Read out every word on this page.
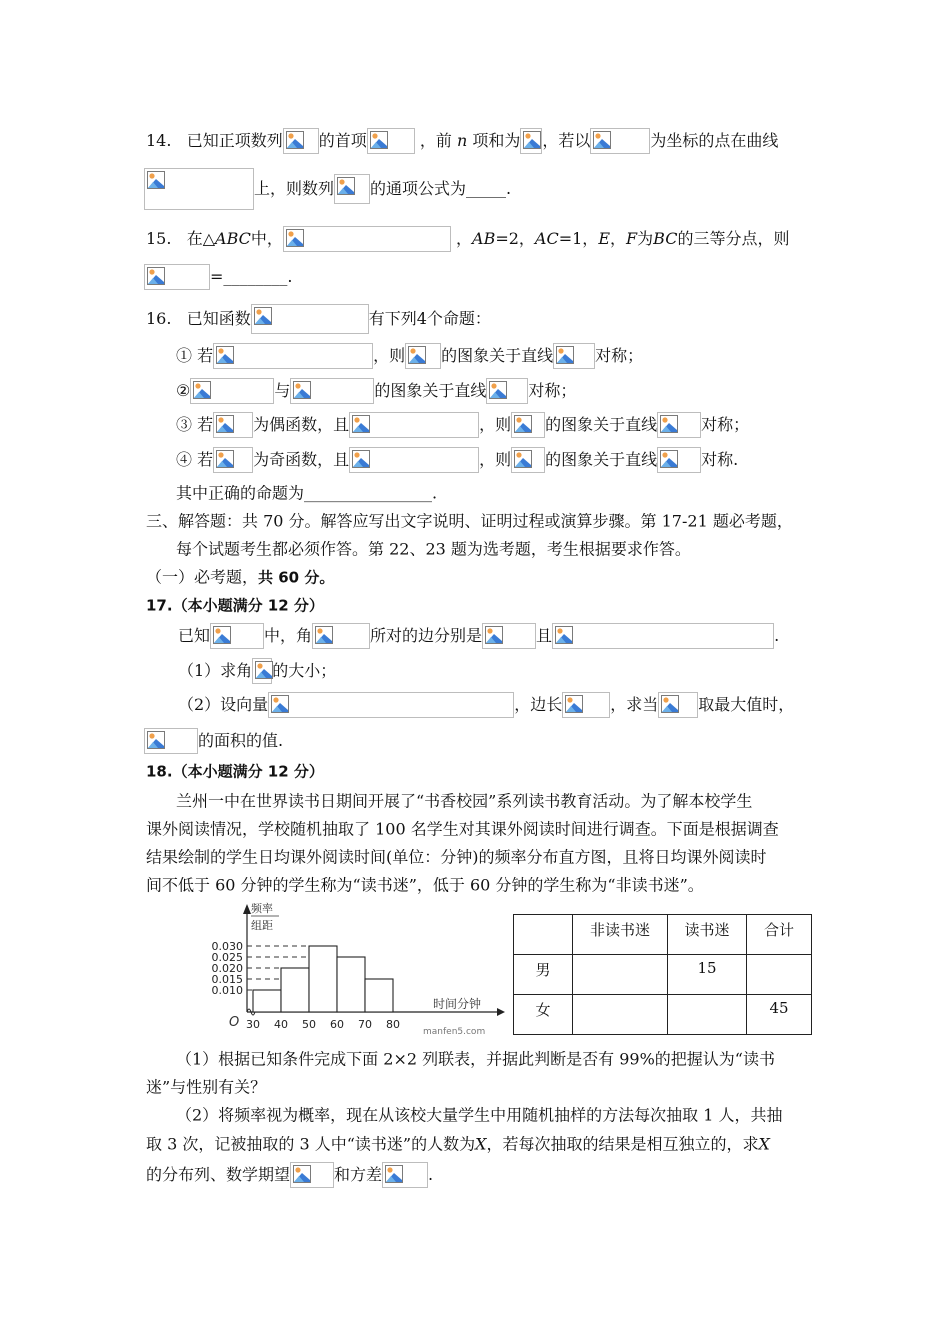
14. 已知正项数列 的首项	，前 n 项和为 ，若以	为坐标的点在曲线
上，则数列 的通项公式为_____.
15. 在△ABC中，	，AB=2，AC=1，E，F为BC的三等分点，则
=________.
16. 已知函数	有下列4个命题：
① 若	，则 的图象关于直线	对称；
②	与	的图象关于直线	对称；
③ 若	为偶函数，且	，则 的图象关于直线	对称；
④ 若	为奇函数，且	，则 的图象关于直线	对称.
其中正确的命题为________________.
三、解答题：共 70 分。解答应写出文字说明、证明过程或演算步骤。第 17-21 题必考题，
每个试题考生都必须作答。第 22、23 题为选考题，考生根据要求作答。
（一）必考题，共 60 分。
17.（本小题满分 12 分）
已知	中，角	所对的边分别是	且	.
（1）求角 的大小；
（2）设向量	，边长	，求当	取最大值时，
的面积的值.
18.（本小题满分 12 分）
兰州一中在世界读书日期间开展了“书香校园”系列读书教育活动。为了解本校学生
课外阅读情况，学校随机抽取了 100 名学生对其课外阅读时间进行调查。下面是根据调查
结果绘制的学生日均课外阅读时间(单位：分钟)的频率分布直方图，且将日均课外阅读时
间不低于 60 分钟的学生称为“读书迷”，低于 60 分钟的学生称为“非读书迷”。
频率
组距
时间分钟
O
manfen5.com
0.030
0.025
0.020
0.015
0.010
30 40 50 60 70 80
	非读书迷	读书迷	合计
男		15	
女			45
（1）根据已知条件完成下面 2×2 列联表，并据此判断是否有 99%的把握认为“读书
迷”与性别有关？
（2）将频率视为概率，现在从该校大量学生中用随机抽样的方法每次抽取 1 人，共抽
取 3 次，记被抽取的 3 人中“读书迷”的人数为X，若每次抽取的结果是相互独立的，求X
的分布列、数学期望	和方差	.
